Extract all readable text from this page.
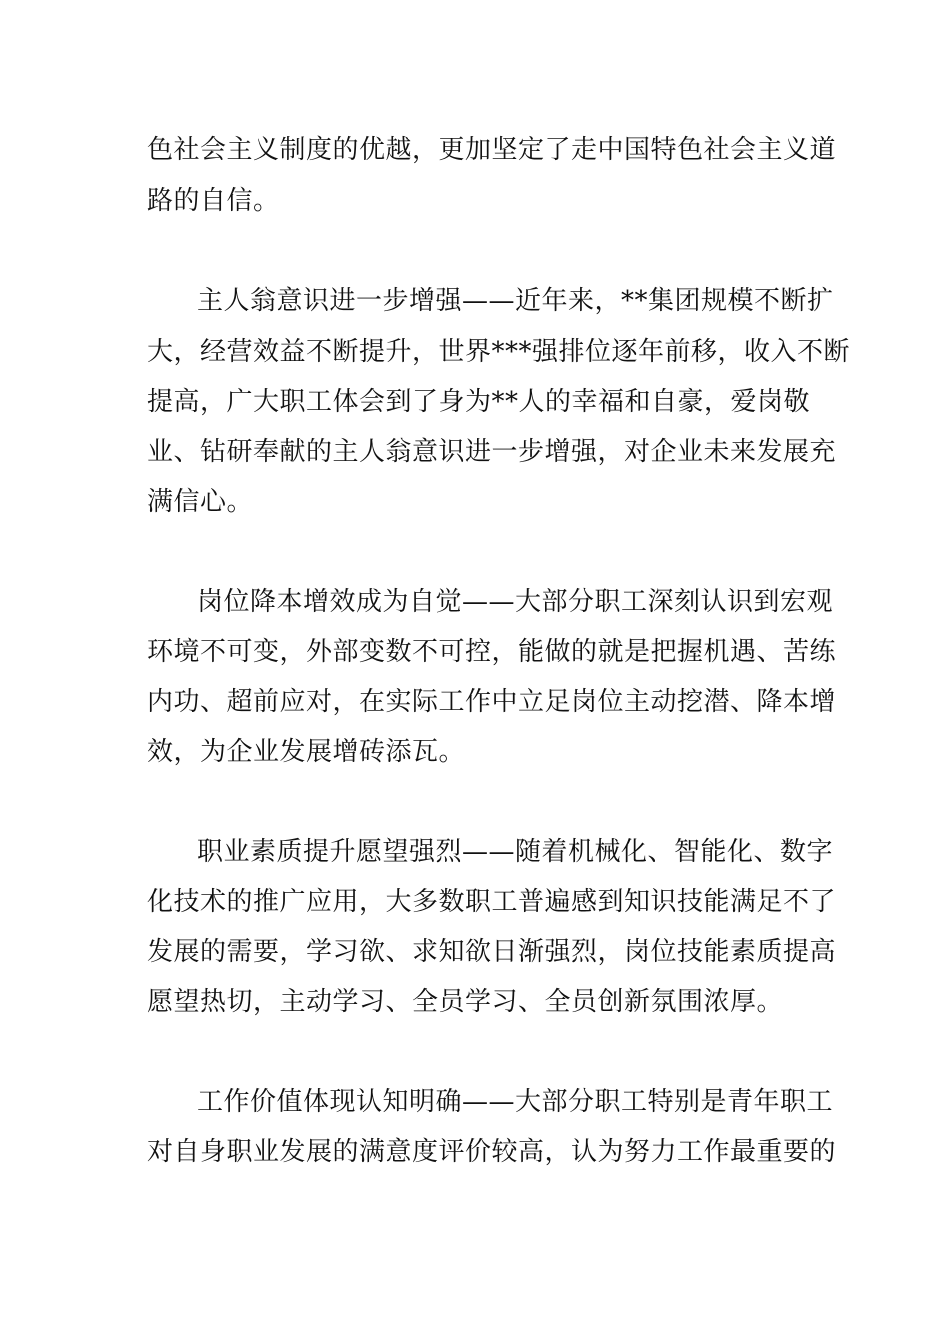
色社会主义制度的优越，更加坚定了走中国特色社会主义道
路的自信。
主人翁意识进一步增强——近年来，**集团规模不断扩
大，经营效益不断提升，世界***强排位逐年前移，收入不断
提高，广大职工体会到了身为**人的幸福和自豪，爱岗敬
业、钻研奉献的主人翁意识进一步增强，对企业未来发展充
满信心。
岗位降本增效成为自觉——大部分职工深刻认识到宏观
环境不可变，外部变数不可控，能做的就是把握机遇、苦练
内功、超前应对，在实际工作中立足岗位主动挖潜、降本增
效，为企业发展增砖添瓦。
职业素质提升愿望强烈——随着机械化、智能化、数字
化技术的推广应用，大多数职工普遍感到知识技能满足不了
发展的需要，学习欲、求知欲日渐强烈，岗位技能素质提高
愿望热切，主动学习、全员学习、全员创新氛围浓厚。
工作价值体现认知明确——大部分职工特别是青年职工
对自身职业发展的满意度评价较高，认为努力工作最重要的
